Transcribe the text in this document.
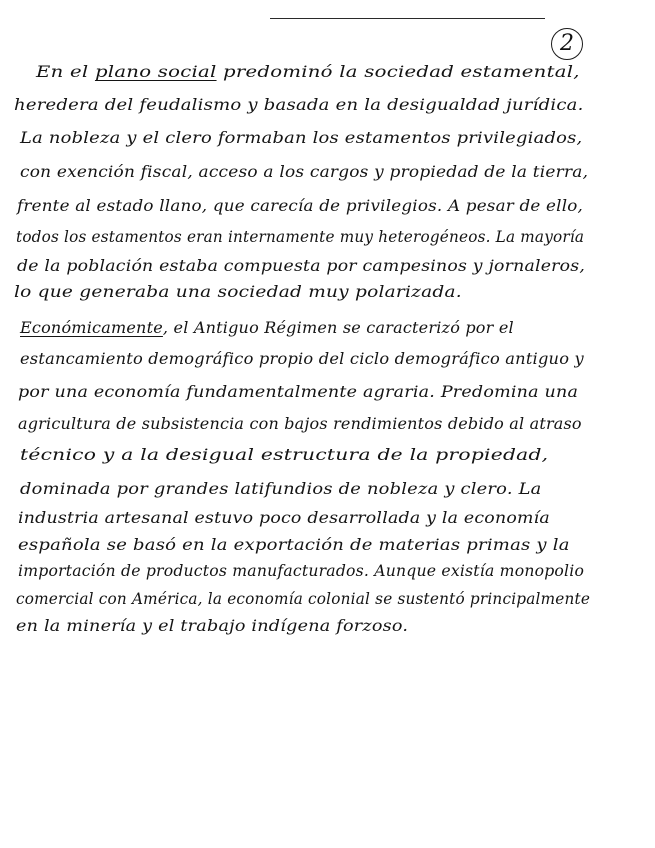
2
En el plano social predominó la sociedad estamental,
heredera del feudalismo y basada en la desigualdad jurídica.
La nobleza y el clero formaban los estamentos privilegiados,
con exención fiscal, acceso a los cargos y propiedad de la tierra,
frente al estado llano, que carecía de privilegios. A pesar de ello,
todos los estamentos eran internamente muy heterogéneos. La mayoría
de la población estaba compuesta por campesinos y jornaleros,
lo que generaba una sociedad muy polarizada.
Económicamente, el Antiguo Régimen se caracterizó por el
estancamiento demográfico propio del ciclo demográfico antiguo y
por una economía fundamentalmente agraria. Predomina una
agricultura de subsistencia con bajos rendimientos debido al atraso
técnico y a la desigual estructura de la propiedad,
dominada por grandes latifundios de nobleza y clero. La
industria artesanal estuvo poco desarrollada y la economía
española se basó en la exportación de materias primas y la
importación de productos manufacturados. Aunque existía monopolio
comercial con América, la economía colonial se sustentó principalmente
en la minería y el trabajo indígena forzoso.
